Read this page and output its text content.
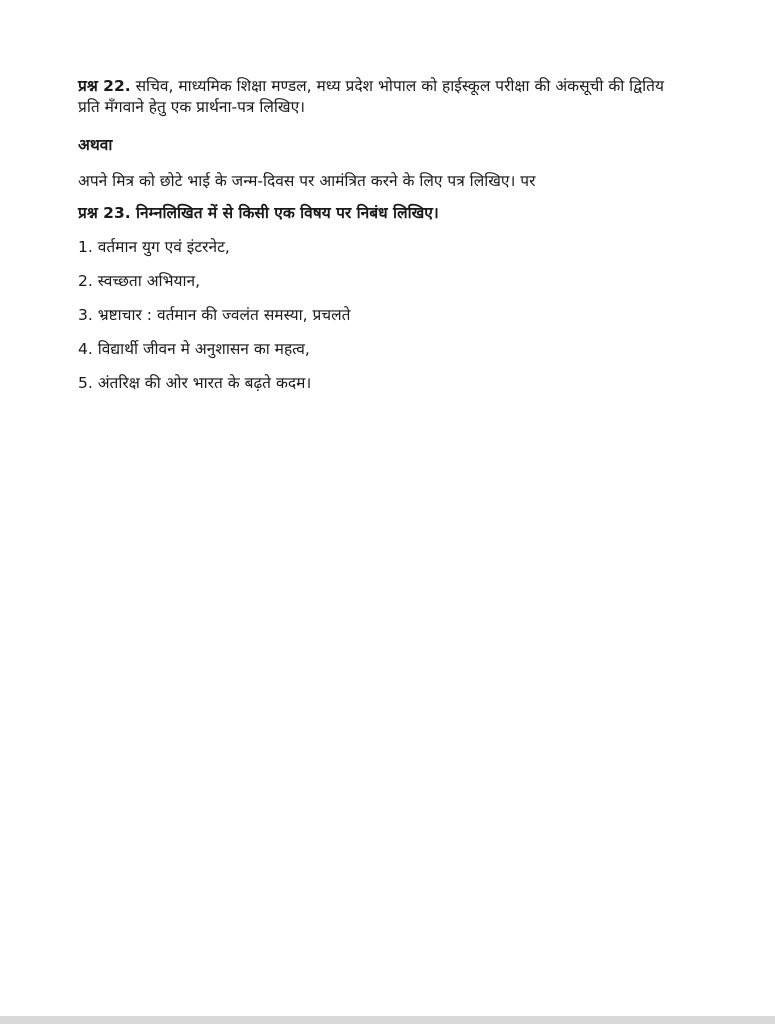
प्रश्न 22. सचिव, माध्यमिक शिक्षा मण्डल, मध्य प्रदेश भोपाल को हाईस्कूल परीक्षा की अंकसूची की द्वितिय प्रति मँगवाने हेतु एक प्रार्थना-पत्र लिखिए।

अथवा

अपने मित्र को छोटे भाई के जन्म-दिवस पर आमंत्रित करने के लिए पत्र लिखिए। पर

प्रश्न 23. निम्नलिखित में से किसी एक विषय पर निबंध लिखिए।

1. वर्तमान युग एवं इंटरनेट,
2. स्वच्छता अभियान,
3. भ्रष्टाचार : वर्तमान की ज्वलंत समस्या, प्रचलते
4. विद्यार्थी जीवन मे अनुशासन का महत्व,
5. अंतरिक्ष की ओर भारत के बढ़ते कदम।
